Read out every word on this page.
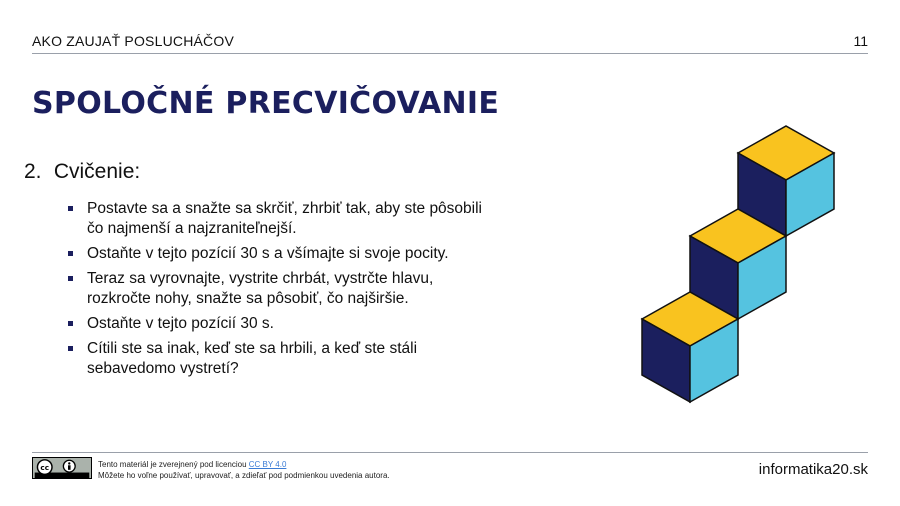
AKO ZAUJAŤ POSLUCHÁČOV	11
SPOLOČNÉ PRECVIČOVANIE
2. Cvičenie:
Postavte sa a snažte sa skrčiť, zhrbiť tak, aby ste pôsobili čo najmenší a najzraniteľnejší.
Ostaňte v tejto pozícií 30 s a všímajte si svoje pocity.
Teraz sa vyrovnajte, vystrite chrbát, vystrčte hlavu, rozkročte nohy, snažte sa pôsobiť, čo najširšie.
Ostaňte v tejto pozícií 30 s.
Cítili ste sa inak, keď ste sa hrbili, a keď ste stáli sebavedomo vystretí?
cc	Tento materiál je zverejnený pod licenciou CC BY 4.0
Môžete ho voľne používať, upravovať, a zdieľať pod podmienkou uvedenia autora.	informatika20.sk
